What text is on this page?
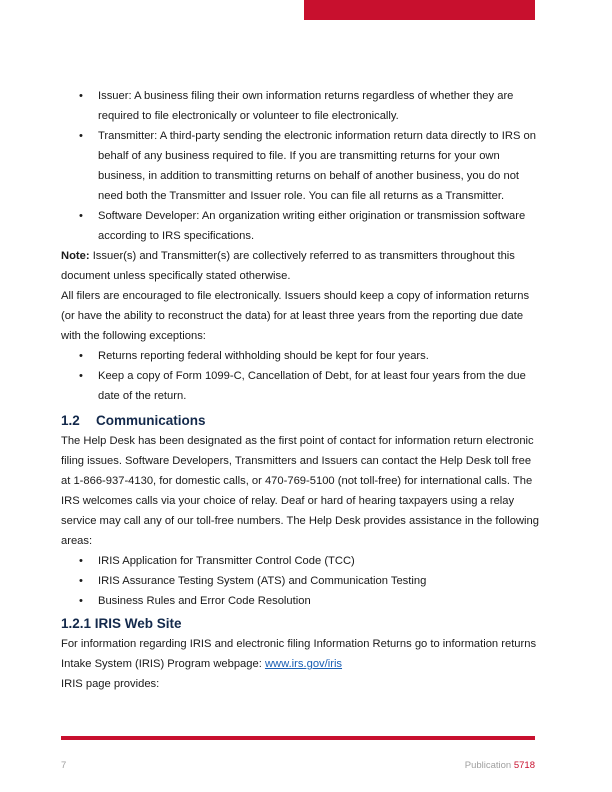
• Issuer: A business filing their own information returns regardless of whether they are required to file electronically or volunteer to file electronically.
• Transmitter: A third-party sending the electronic information return data directly to IRS on behalf of any business required to file. If you are transmitting returns for your own business, in addition to transmitting returns on behalf of another business, you do not need both the Transmitter and Issuer role. You can file all returns as a Transmitter.
• Software Developer: An organization writing either origination or transmission software according to IRS specifications.

Note: Issuer(s) and Transmitter(s) are collectively referred to as transmitters throughout this document unless specifically stated otherwise.

All filers are encouraged to file electronically. Issuers should keep a copy of information returns (or have the ability to reconstruct the data) for at least three years from the reporting due date with the following exceptions:

• Returns reporting federal withholding should be kept for four years.
• Keep a copy of Form 1099-C, Cancellation of Debt, for at least four years from the due date of the return.
1.2 Communications

The Help Desk has been designated as the first point of contact for information return electronic filing issues. Software Developers, Transmitters and Issuers can contact the Help Desk toll free at 1-866-937-4130, for domestic calls, or 470-769-5100 (not toll-free) for international calls. The IRS welcomes calls via your choice of relay. Deaf or hard of hearing taxpayers using a relay service may call any of our toll-free numbers. The Help Desk provides assistance in the following areas:

• IRIS Application for Transmitter Control Code (TCC)
• IRIS Assurance Testing System (ATS) and Communication Testing
• Business Rules and Error Code Resolution
1.2.1 IRIS Web Site

For information regarding IRIS and electronic filing Information Returns go to information returns Intake System (IRIS) Program webpage: www.irs.gov/iris

IRIS page provides:

7	Publication 5718
